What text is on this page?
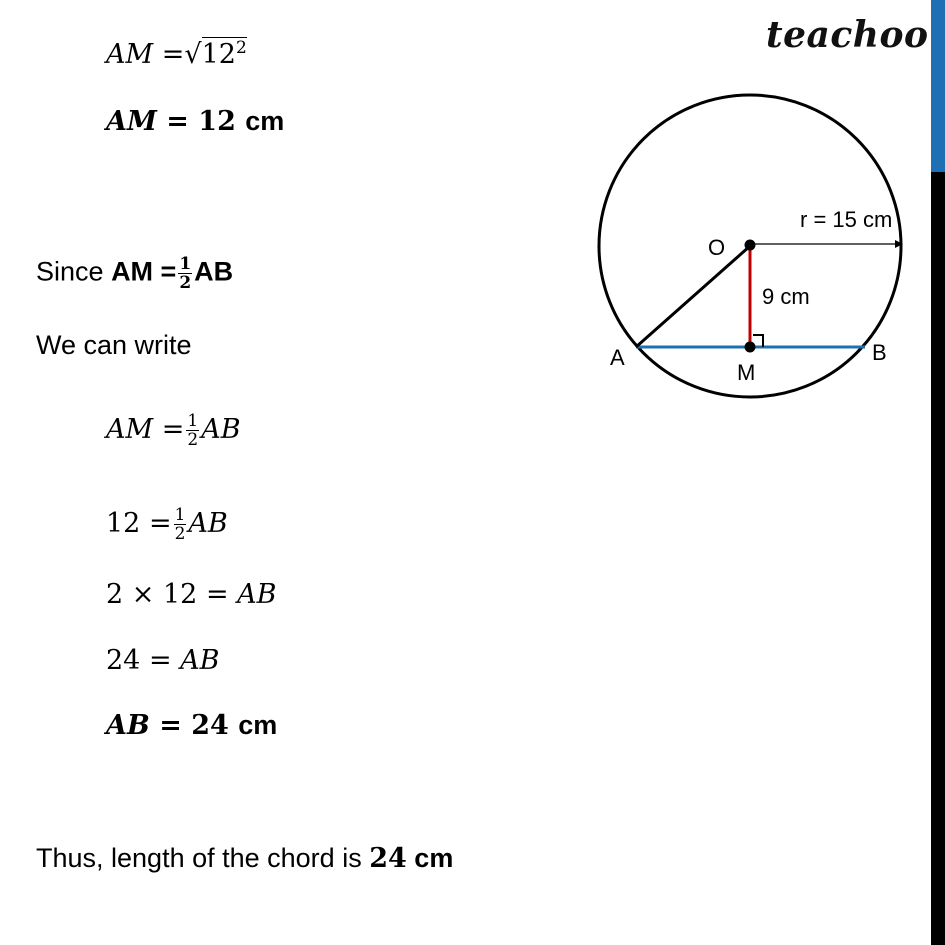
teachoo
AM $=√12^2$
AM = 12 cm
Since AM = $\frac{1}{2}$ AB
We can write
AM = $\frac{1}{2}$ AB
$12 = \frac{1}{2}$ AB
2 × 12 = AB
24 = AB
AB = 24 cm
Thus, length of the chord is 24 cm
O
A	B
M
r = 15 cm
9 cm
